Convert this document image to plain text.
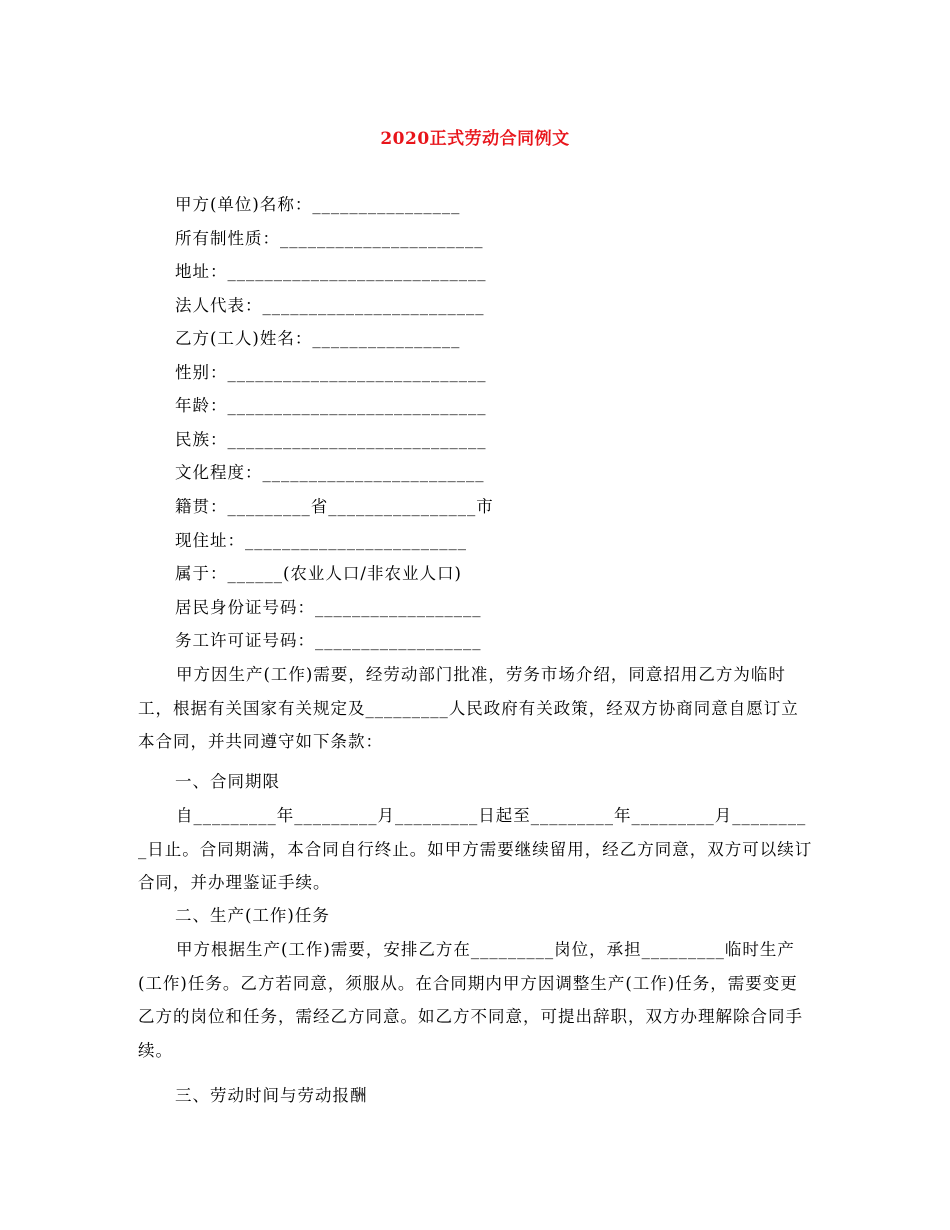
2020正式劳动合同例文
甲方(单位)名称：________________
所有制性质：______________________
地址：____________________________
法人代表：________________________
乙方(工人)姓名：________________
性别：____________________________
年龄：____________________________
民族：____________________________
文化程度：________________________
籍贯：_________省________________市
现住址：________________________
属于：______(农业人口/非农业人口)
居民身份证号码：__________________
务工许可证号码：__________________
甲方因生产(工作)需要，经劳动部门批准，劳务市场介绍，同意招用乙方为临时工，根据有关国家有关规定及_________人民政府有关政策，经双方协商同意自愿订立本合同，并共同遵守如下条款：
一、合同期限
自_________年_________月_________日起至_________年_________月_________日止。合同期满，本合同自行终止。如甲方需要继续留用，经乙方同意，双方可以续订合同，并办理鉴证手续。
二、生产(工作)任务
甲方根据生产(工作)需要，安排乙方在_________岗位，承担_________临时生产(工作)任务。乙方若同意，须服从。在合同期内甲方因调整生产(工作)任务，需要变更乙方的岗位和任务，需经乙方同意。如乙方不同意，可提出辞职，双方办理解除合同手续。
三、劳动时间与劳动报酬
